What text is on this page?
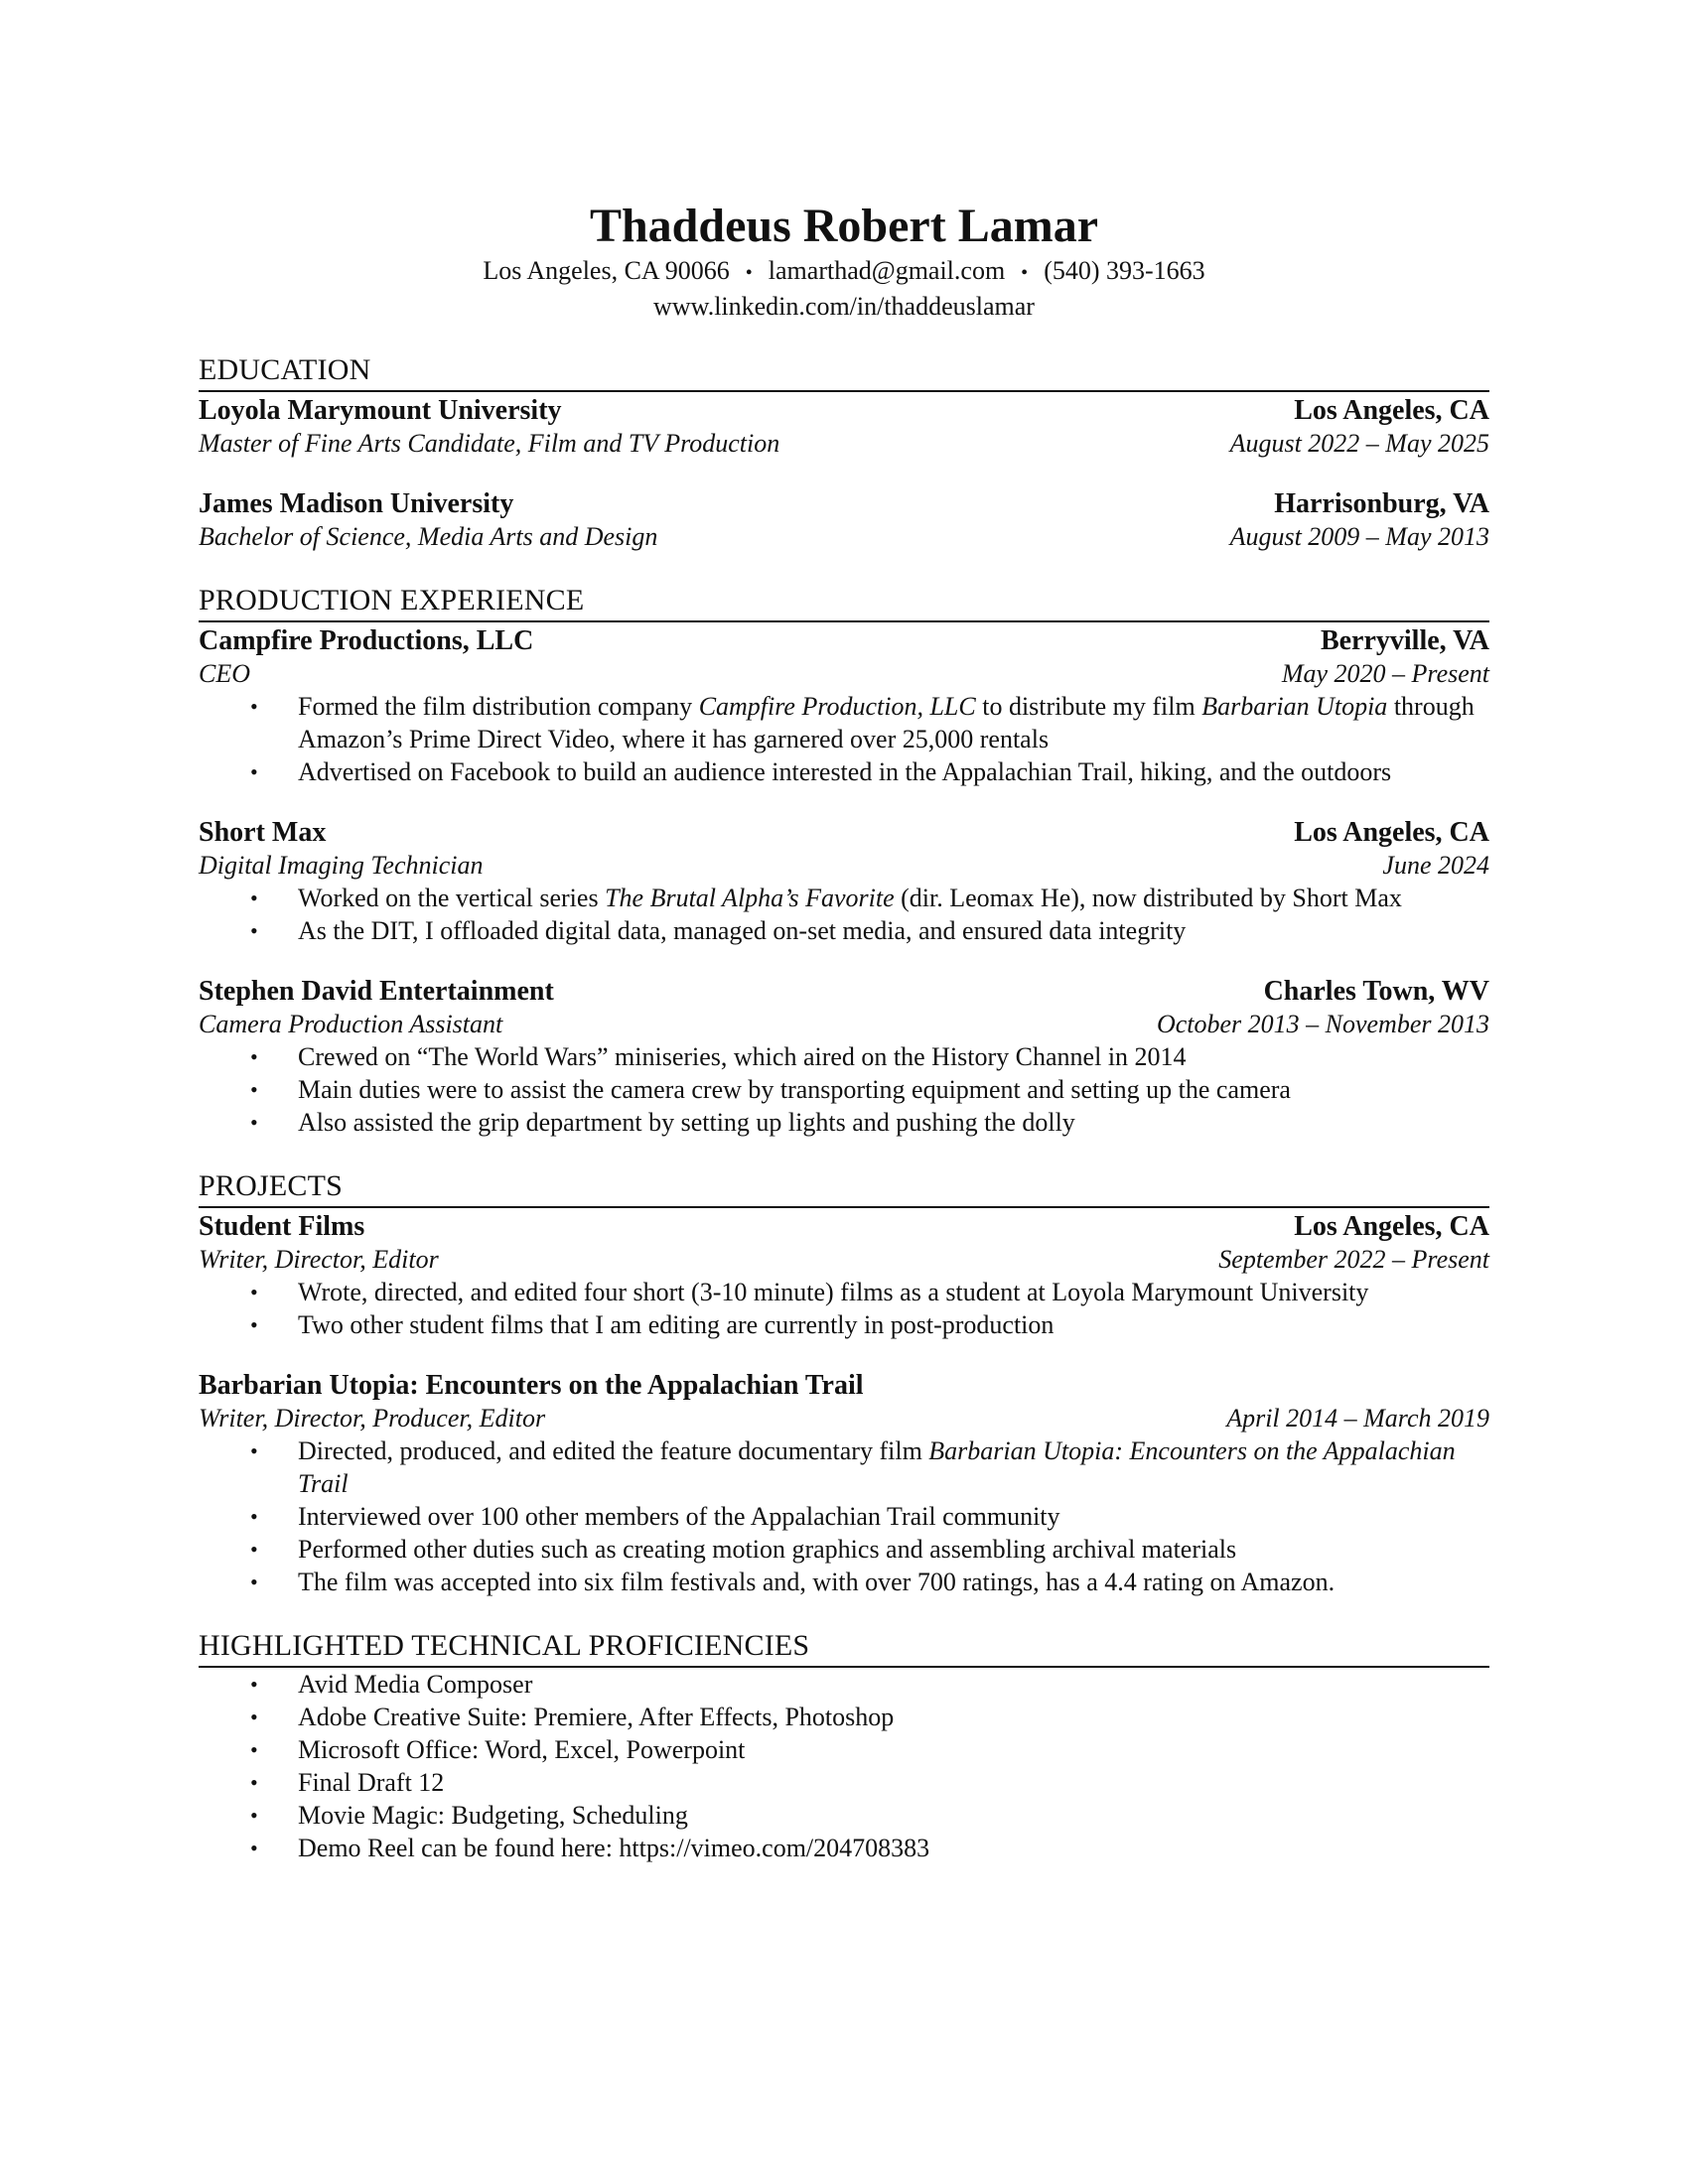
Thaddeus Robert Lamar

Los Angeles, CA 90066 • lamarthad@gmail.com • (540) 393-1663

www.linkedin.com/in/thaddeuslamar

EDUCATION
Loyola Marymount University	Los Angeles, CA
Master of Fine Arts Candidate, Film and TV Production	August 2022 – May 2025
James Madison University	Harrisonburg, VA
Bachelor of Science, Media Arts and Design	August 2009 – May 2013
PRODUCTION EXPERIENCE
Campfire Productions, LLC	Berryville, VA
CEO	May 2020 – Present
• Formed the film distribution company Campfire Production, LLC to distribute my film Barbarian Utopia through Amazon’s Prime Direct Video, where it has garnered over 25,000 rentals
• Advertised on Facebook to build an audience interested in the Appalachian Trail, hiking, and the outdoors
Short Max	Los Angeles, CA
Digital Imaging Technician	June 2024
• Worked on the vertical series The Brutal Alpha’s Favorite (dir. Leomax He), now distributed by Short Max
• As the DIT, I offloaded digital data, managed on-set media, and ensured data integrity
Stephen David Entertainment	Charles Town, WV
Camera Production Assistant	October 2013 – November 2013
• Crewed on “The World Wars” miniseries, which aired on the History Channel in 2014
• Main duties were to assist the camera crew by transporting equipment and setting up the camera
• Also assisted the grip department by setting up lights and pushing the dolly
PROJECTS
Student Films	Los Angeles, CA
Writer, Director, Editor	September 2022 – Present
• Wrote, directed, and edited four short (3-10 minute) films as a student at Loyola Marymount University
• Two other student films that I am editing are currently in post-production
Barbarian Utopia: Encounters on the Appalachian Trail
Writer, Director, Producer, Editor	April 2014 – March 2019
• Directed, produced, and edited the feature documentary film Barbarian Utopia: Encounters on the Appalachian Trail
• Interviewed over 100 other members of the Appalachian Trail community
• Performed other duties such as creating motion graphics and assembling archival materials
• The film was accepted into six film festivals and, with over 700 ratings, has a 4.4 rating on Amazon.
HIGHLIGHTED TECHNICAL PROFICIENCIES
• Avid Media Composer
• Adobe Creative Suite: Premiere, After Effects, Photoshop
• Microsoft Office: Word, Excel, Powerpoint
• Final Draft 12
• Movie Magic: Budgeting, Scheduling
• Demo Reel can be found here: https://vimeo.com/204708383
